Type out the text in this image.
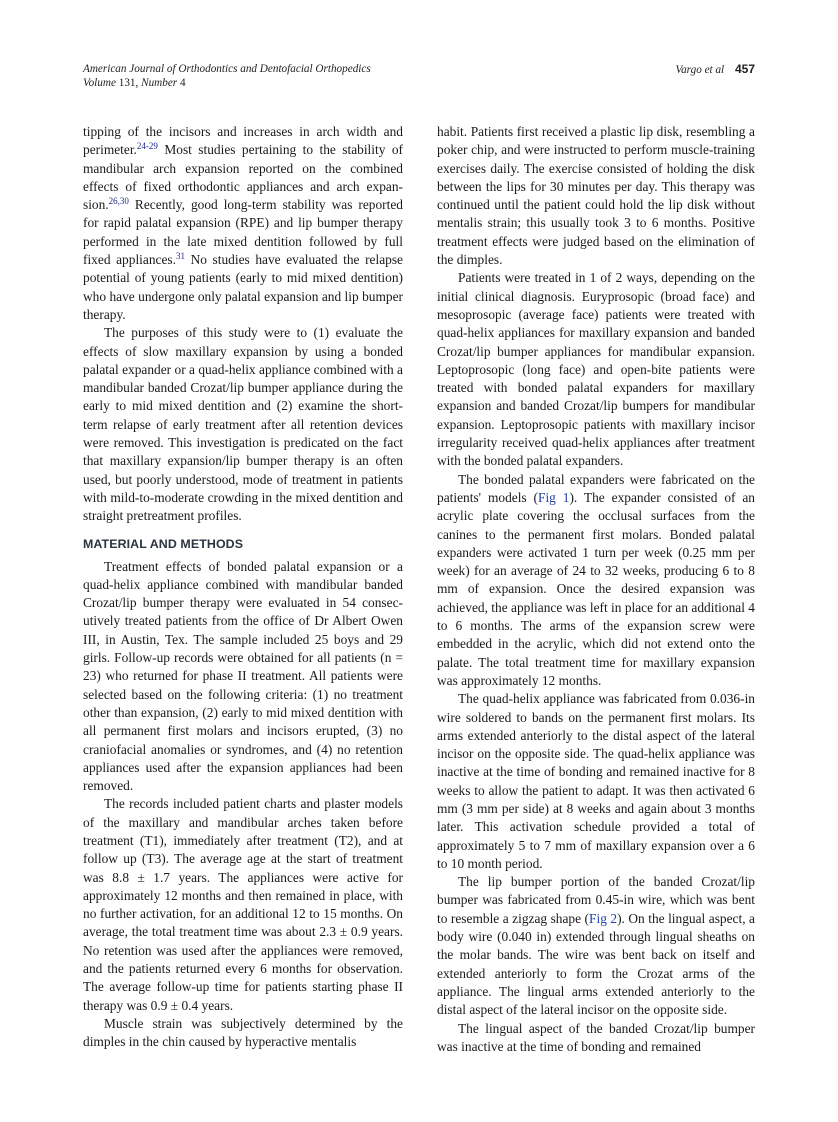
American Journal of Orthodontics and Dentofacial Orthopedics
Volume 131, Number 4
Vargo et al 457

tipping of the incisors and increases in arch width and perimeter.$^{24-29}$ Most studies pertaining to the stability of mandibular arch expansion reported on the combined effects of fixed orthodontic appliances and arch expansion.$^{26,30}$ Recently, good long-term stability was reported for rapid palatal expansion (RPE) and lip bumper therapy performed in the late mixed dentition followed by full fixed appliances.$^{31}$ No studies have evaluated the relapse potential of young patients (early to mid mixed dentition) who have undergone only palatal expansion and lip bumper therapy.

The purposes of this study were to (1) evaluate the effects of slow maxillary expansion by using a bonded palatal expander or a quad-helix appliance combined with a mandibular banded Crozat/lip bumper appliance during the early to mid mixed dentition and (2) examine the short-term relapse of early treatment after all retention devices were removed. This investigation is predicated on the fact that maxillary expansion/lip bumper therapy is an often used, but poorly understood, mode of treatment in patients with mild-to-moderate crowding in the mixed dentition and straight pretreatment profiles.

MATERIAL AND METHODS

Treatment effects of bonded palatal expansion or a quad-helix appliance combined with mandibular banded Crozat/lip bumper therapy were evaluated in 54 consecutively treated patients from the office of Dr Albert Owen III, in Austin, Tex. The sample included 25 boys and 29 girls. Follow-up records were obtained for all patients (n = 23) who returned for phase II treatment. All patients were selected based on the following criteria: (1) no treatment other than expansion, (2) early to mid mixed dentition with all permanent first molars and incisors erupted, (3) no craniofacial anomalies or syndromes, and (4) no retention appliances used after the expansion appliances had been removed.

The records included patient charts and plaster models of the maxillary and mandibular arches taken before treatment (T1), immediately after treatment (T2), and at follow up (T3). The average age at the start of treatment was 8.8 ± 1.7 years. The appliances were active for approximately 12 months and then remained in place, with no further activation, for an additional 12 to 15 months. On average, the total treatment time was about 2.3 ± 0.9 years. No retention was used after the appliances were removed, and the patients returned every 6 months for observation. The average follow-up time for patients starting phase II therapy was 0.9 ± 0.4 years.

Muscle strain was subjectively determined by the dimples in the chin caused by hyperactive mentalis

habit. Patients first received a plastic lip disk, resembling a poker chip, and were instructed to perform muscle-training exercises daily. The exercise consisted of holding the disk between the lips for 30 minutes per day. This therapy was continued until the patient could hold the lip disk without mentalis strain; this usually took 3 to 6 months. Positive treatment effects were judged based on the elimination of the dimples.

Patients were treated in 1 of 2 ways, depending on the initial clinical diagnosis. Euryprosopic (broad face) and mesoprosopic (average face) patients were treated with quad-helix appliances for maxillary expansion and banded Crozat/lip bumper appliances for mandibular expansion. Leptoprosopic (long face) and open-bite patients were treated with bonded palatal expanders for maxillary expansion and banded Crozat/lip bumpers for mandibular expansion. Leptoprosopic patients with maxillary incisor irregularity received quad-helix appliances after treatment with the bonded palatal expanders.

The bonded palatal expanders were fabricated on the patients' models (Fig 1). The expander consisted of an acrylic plate covering the occlusal surfaces from the canines to the permanent first molars. Bonded palatal expanders were activated 1 turn per week (0.25 mm per week) for an average of 24 to 32 weeks, producing 6 to 8 mm of expansion. Once the desired expansion was achieved, the appliance was left in place for an additional 4 to 6 months. The arms of the expansion screw were embedded in the acrylic, which did not extend onto the palate. The total treatment time for maxillary expansion was approximately 12 months.

The quad-helix appliance was fabricated from 0.036-in wire soldered to bands on the permanent first molars. Its arms extended anteriorly to the distal aspect of the lateral incisor on the opposite side. The quad-helix appliance was inactive at the time of bonding and remained inactive for 8 weeks to allow the patient to adapt. It was then activated 6 mm (3 mm per side) at 8 weeks and again about 3 months later. This activation schedule provided a total of approximately 5 to 7 mm of maxillary expansion over a 6 to 10 month period.

The lip bumper portion of the banded Crozat/lip bumper was fabricated from 0.45-in wire, which was bent to resemble a zigzag shape (Fig 2). On the lingual aspect, a body wire (0.040 in) extended through lingual sheaths on the molar bands. The wire was bent back on itself and extended anteriorly to form the Crozat arms of the appliance. The lingual arms extended anteriorly to the distal aspect of the lateral incisor on the opposite side.

The lingual aspect of the banded Crozat/lip bumper was inactive at the time of bonding and remained
